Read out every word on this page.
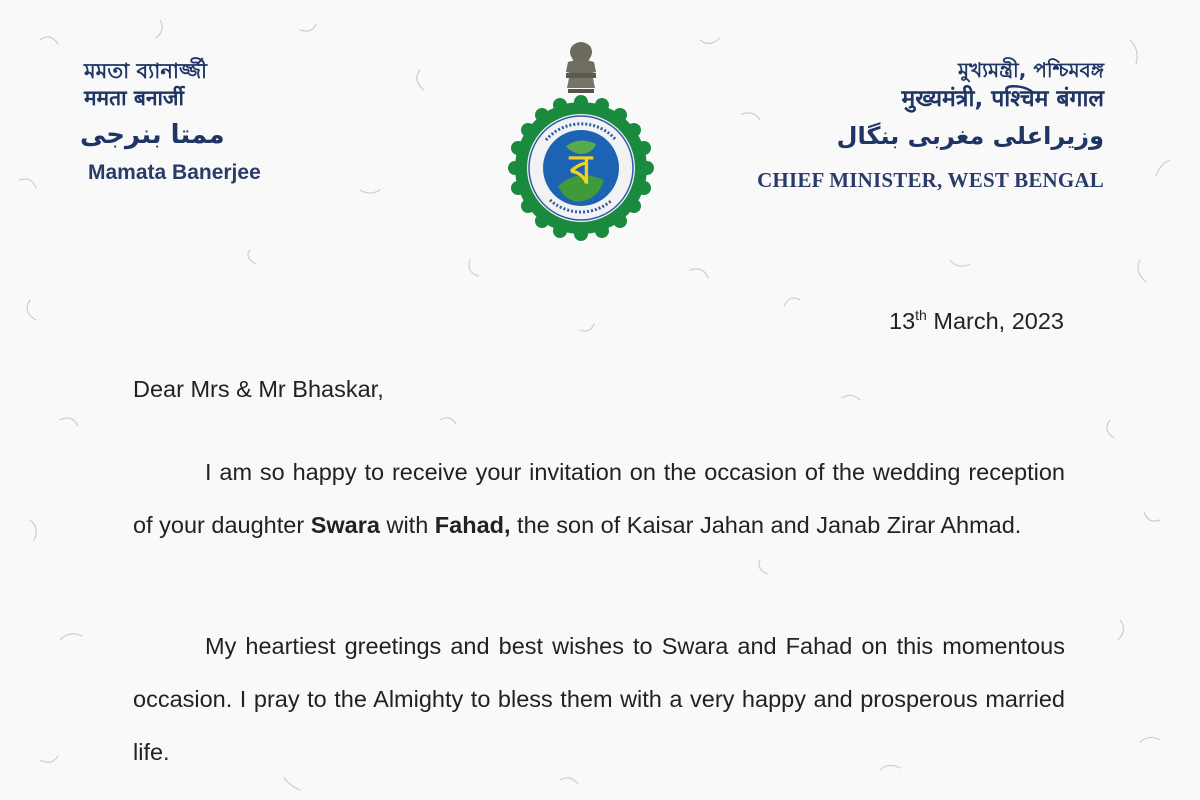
মমতা ব্যানার্জ্জী
ममता बनार्जी
ممتا بنرجی
Mamata Banerjee	ব
মুখ্যমন্ত্রী, পশ্চিমবঙ্গ
मुख्यमंत्री, पश्चिम बंगाल
وزیراعلی مغربی بنگال
CHIEF MINISTER, WEST BENGAL
13th March, 2023
Dear Mrs & Mr Bhaskar,

I am so happy to receive your invitation on the occasion of the wedding reception of your daughter Swara with Fahad, the son of Kaisar Jahan and Janab Zirar Ahmad.

My heartiest greetings and best wishes to Swara and Fahad on this momentous occasion. I pray to the Almighty to bless them with a very happy and prosperous married life.
